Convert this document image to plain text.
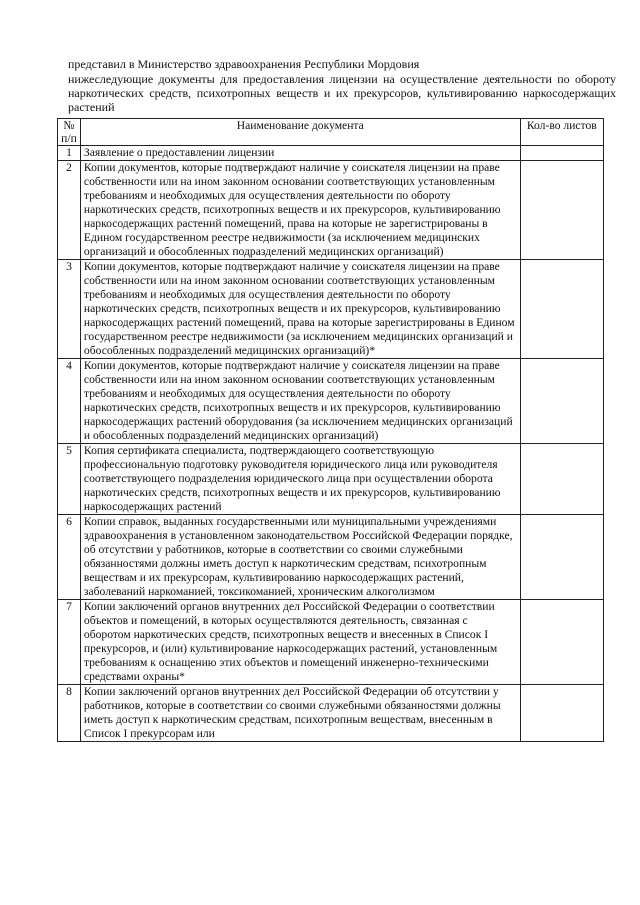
представил в Министерство здравоохранения Республики Мордовия
нижеследующие документы для предоставления лицензии на осуществление деятельности по обороту наркотических средств, психотропных веществ и их прекурсоров, культивированию наркосодержащих растений
№ п/п	Наименование документа	Кол-во листов
1	Заявление о предоставлении лицензии	
2	Копии документов, которые подтверждают наличие у соискателя лицензии на праве собственности или на ином законном основании соответствующих установленным требованиям и необходимых для осуществления деятельности по обороту наркотических средств, психотропных веществ и их прекурсоров, культивированию наркосодержащих растений помещений, права на которые не зарегистрированы в Едином государственном реестре недвижимости (за исключением медицинских организаций и обособленных подразделений медицинских организаций)	
3	Копии документов, которые подтверждают наличие у соискателя лицензии на праве собственности или на ином законном основании соответствующих установленным требованиям и необходимых для осуществления деятельности по обороту наркотических средств, психотропных веществ и их прекурсоров, культивированию наркосодержащих растений помещений, права на которые зарегистрированы в Едином государственном реестре недвижимости (за исключением медицинских организаций и обособленных подразделений медицинских организаций)*	
4	Копии документов, которые подтверждают наличие у соискателя лицензии на праве собственности или на ином законном основании соответствующих установленным требованиям и необходимых для осуществления деятельности по обороту наркотических средств, психотропных веществ и их прекурсоров, культивированию наркосодержащих растений оборудования (за исключением медицинских организаций и обособленных подразделений медицинских организаций)	
5	Копия сертификата специалиста, подтверждающего соответствующую профессиональную подготовку руководителя юридического лица или руководителя соответствующего подразделения юридического лица при осуществлении оборота наркотических средств, психотропных веществ и их прекурсоров, культивированию наркосодержащих растений	
6	Копии справок, выданных государственными или муниципальными учреждениями здравоохранения в установленном законодательством Российской Федерации порядке, об отсутствии у работников, которые в соответствии со своими служебными обязанностями должны иметь доступ к наркотическим средствам, психотропным веществам и их прекурсорам, культивированию наркосодержащих растений, заболеваний наркоманией, токсикоманией, хроническим алкоголизмом	
7	Копии заключений органов внутренних дел Российской Федерации о соответствии объектов и помещений, в которых осуществляются деятельность, связанная с оборотом наркотических средств, психотропных веществ и внесенных в Список I прекурсоров, и (или) культивирование наркосодержащих растений, установленным требованиям к оснащению этих объектов и помещений инженерно-техническими средствами охраны*	
8	Копии заключений органов внутренних дел Российской Федерации об отсутствии у работников, которые в соответствии со своими служебными обязанностями должны иметь доступ к наркотическим средствам, психотропным веществам, внесенным в Список I прекурсорам или	
